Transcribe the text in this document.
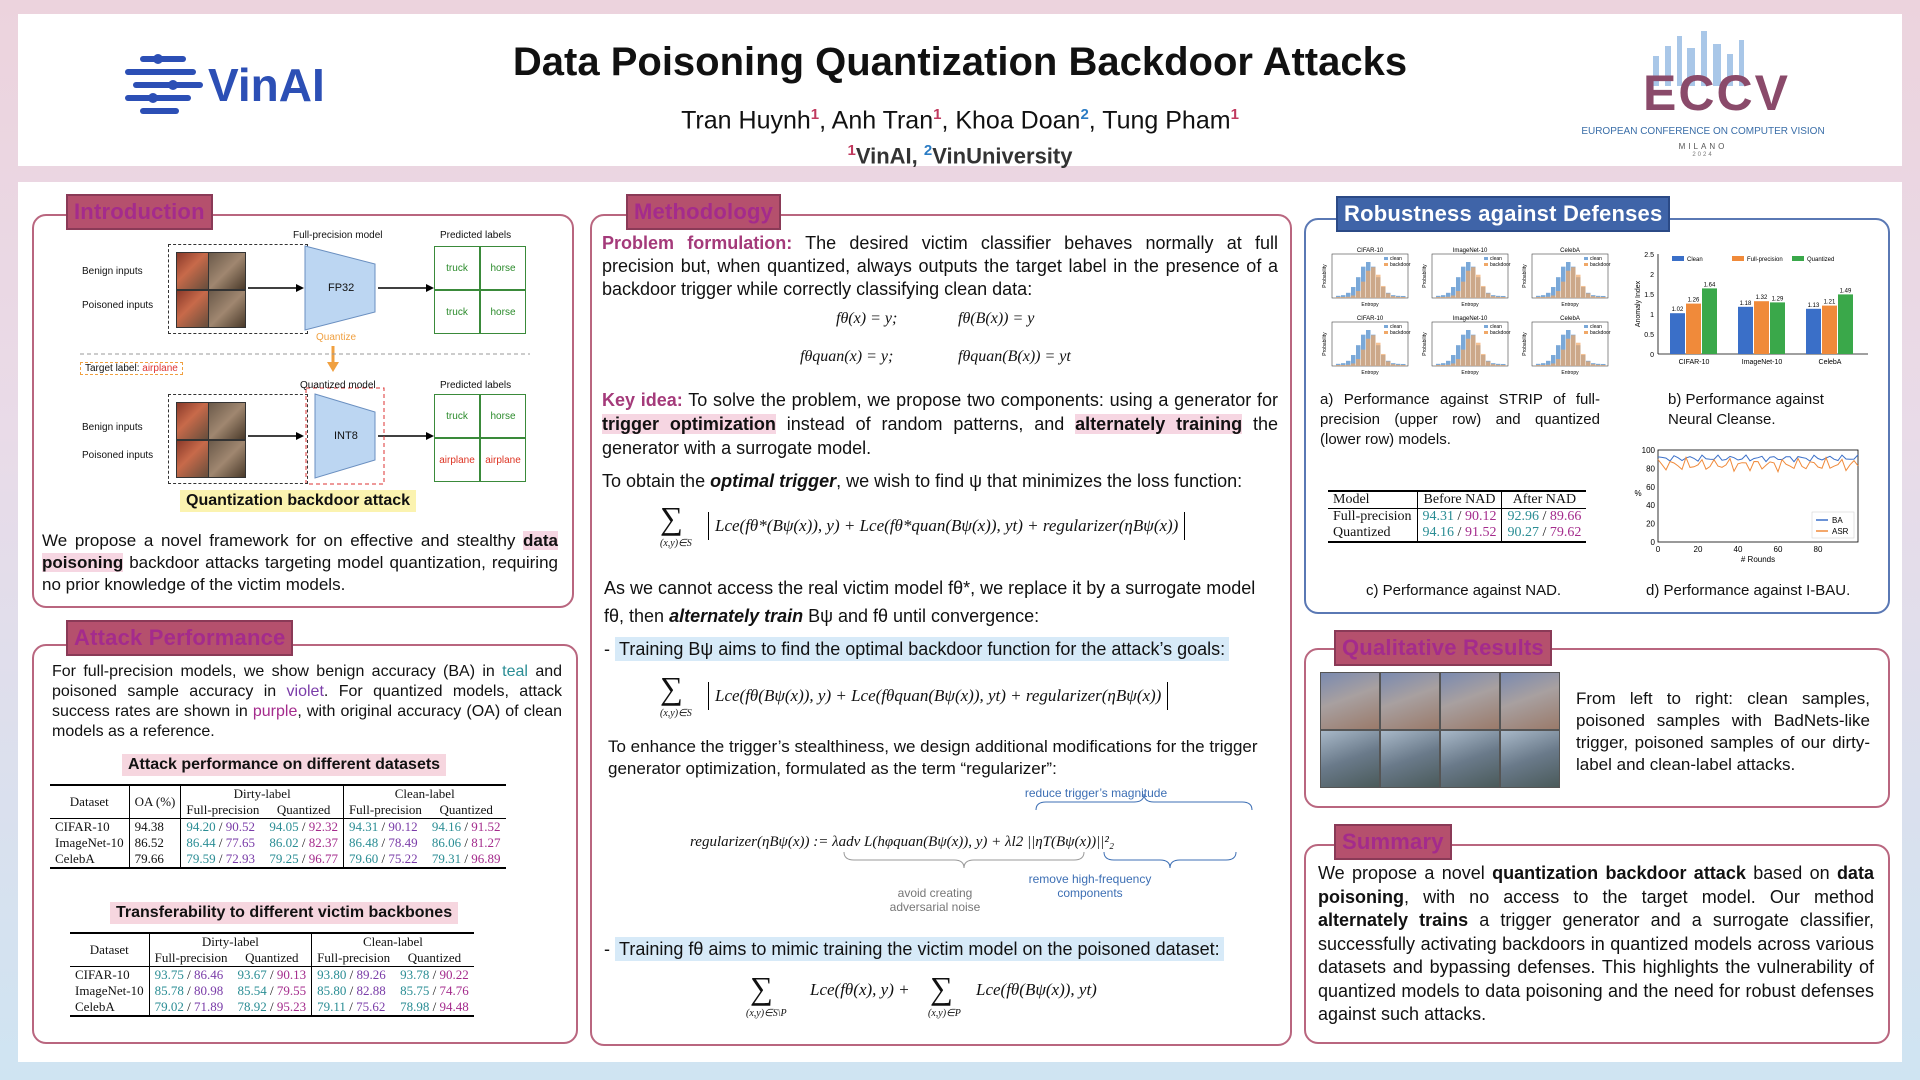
VinAI	Data Poisoning Quantization Backdoor Attacks
Tran Huynh$^1$, Anh Tran$^1$, Khoa Doan$^2$, Tung Pham$^1$
$^1$VinAI, $^2$VinUniversity
ECCV
EUROPEAN CONFERENCE ON COMPUTER VISION
MILANO
2024
Introduction
Full-precision model	Predicted labels
Benign inputs
Poisoned inputs
FP32
Quantize
truck	horse
truck	horse
Target label: airplane
Quantized model	Predicted labels
Benign inputs
Poisoned inputs
INT8
truck	horse
airplane	airplane
Quantization backdoor attack
We propose a novel framework for on effective and stealthy data poisoning backdoor attacks targeting model quantization, requiring no prior knowledge of the victim models.
Attack Performance
For full-precision models, we show benign accuracy (BA) in teal and poisoned sample accuracy in violet. For quantized models, attack success rates are shown in purple, with original accuracy (OA) of clean models as a reference.
Attack performance on different datasets
Dataset	OA (%)	Dirty-label		Clean-label	
		Full-precision	Quantized	Full-precision	Quantized
CIFAR-10	94.38	94.20 / 90.52	94.05 / 92.32	94.31 / 90.12	94.16 / 91.52
ImageNet-10	86.52	86.44 / 77.65	86.02 / 82.37	86.48 / 78.49	86.06 / 81.27
CelebA	79.66	79.59 / 72.93	79.25 / 96.77	79.60 / 75.22	79.31 / 96.89
Transferability to different victim backbones
Dataset	Dirty-label		Clean-label	
	Full-precision	Quantized	Full-precision	Quantized
CIFAR-10	93.75 / 86.46	93.67 / 90.13	93.80 / 89.26	93.78 / 90.22
ImageNet-10	85.78 / 80.98	85.54 / 79.55	85.80 / 82.88	85.75 / 74.76
CelebA	79.02 / 71.89	78.92 / 95.23	79.11 / 75.62	78.98 / 94.48
Methodology
Problem formulation: The desired victim classifier behaves normally at full precision but, when quantized, always outputs the target label in the presence of a backdoor trigger while correctly classifying clean data:
fθ(x) = y;	fθ(B(x)) = y
fθquan(x) = y;	fθquan(B(x)) = yt
Key idea: To solve the problem, we propose two components: using a generator for trigger optimization instead of random patterns, and alternately training the generator with a surrogate model.
To obtain the optimal trigger, we wish to find ψ that minimizes the loss function:
∑
(x,y)∈S
Lce(fθ*(Bψ(x)), y) + Lce(fθ*quan(Bψ(x)), yt) + regularizer(ηBψ(x))
As we cannot access the real victim model fθ*, we replace it by a surrogate model fθ, then alternately train Bψ and fθ until convergence:
- Training Bψ aims to find the optimal backdoor function for the attack’s goals:
∑
(x,y)∈S
Lce(fθ(Bψ(x)), y) + Lce(fθquan(Bψ(x)), yt) + regularizer(ηBψ(x))
To enhance the trigger’s stealthiness, we design additional modifications for the trigger generator optimization, formulated as the term “regularizer”:
reduce trigger’s magnitude
regularizer(ηBψ(x)) := λadv L(hφquan(Bψ(x)), y) + λl2 ||ηT(Bψ(x))||²₂
avoid creating adversarial noise
remove high-frequency components
- Training fθ aims to mimic training the victim model on the poisoned dataset:
∑
(x,y)∈S\P
Lce(fθ(x), y) + ∑
(x,y)∈P
Lce(fθ(Bψ(x)), yt)
Robustness against Defenses
CIFAR-10
clean
backdoor
Entropy
Probability
ImageNet-10
clean
backdoor
Entropy
Probability
CelebA
clean
backdoor
Entropy
Probability
CIFAR-10
clean
backdoor
Entropy
Probability
ImageNet-10
clean
backdoor
Entropy
Probability
CelebA
clean
backdoor
Entropy
Probability
a) Performance against STRIP of full-precision (upper row) and quantized (lower row) models.
0
0.5
1
1.5
2
2.5
Anomaly Index
Clean	Full-precision	Quantized
1.02
1.26
1.64
CIFAR-10
1.18
1.32 1.29
ImageNet-10
1.13
1.21
1.49
CelebA
b) Performance against Neural Cleanse.
Model	Before NAD	After NAD
Full-precision	94.31 / 90.12	92.96 / 89.66
Quantized	94.16 / 91.52	90.27 / 79.62
c) Performance against NAD.
0
20
40
60
80
100
0	20	40	60	80
# Rounds
%
BA
ASR
d) Performance against I-BAU.
Qualitative Results
From left to right: clean samples, poisoned samples with BadNets-like trigger, poisoned samples of our dirty-label and clean-label attacks.
Summary
We propose a novel quantization backdoor attack based on data poisoning, with no access to the target model. Our method alternately trains a trigger generator and a surrogate classifier, successfully activating backdoors in quantized models across various datasets and bypassing defenses. This highlights the vulnerability of quantized models to data poisoning and the need for robust defenses against such attacks.
